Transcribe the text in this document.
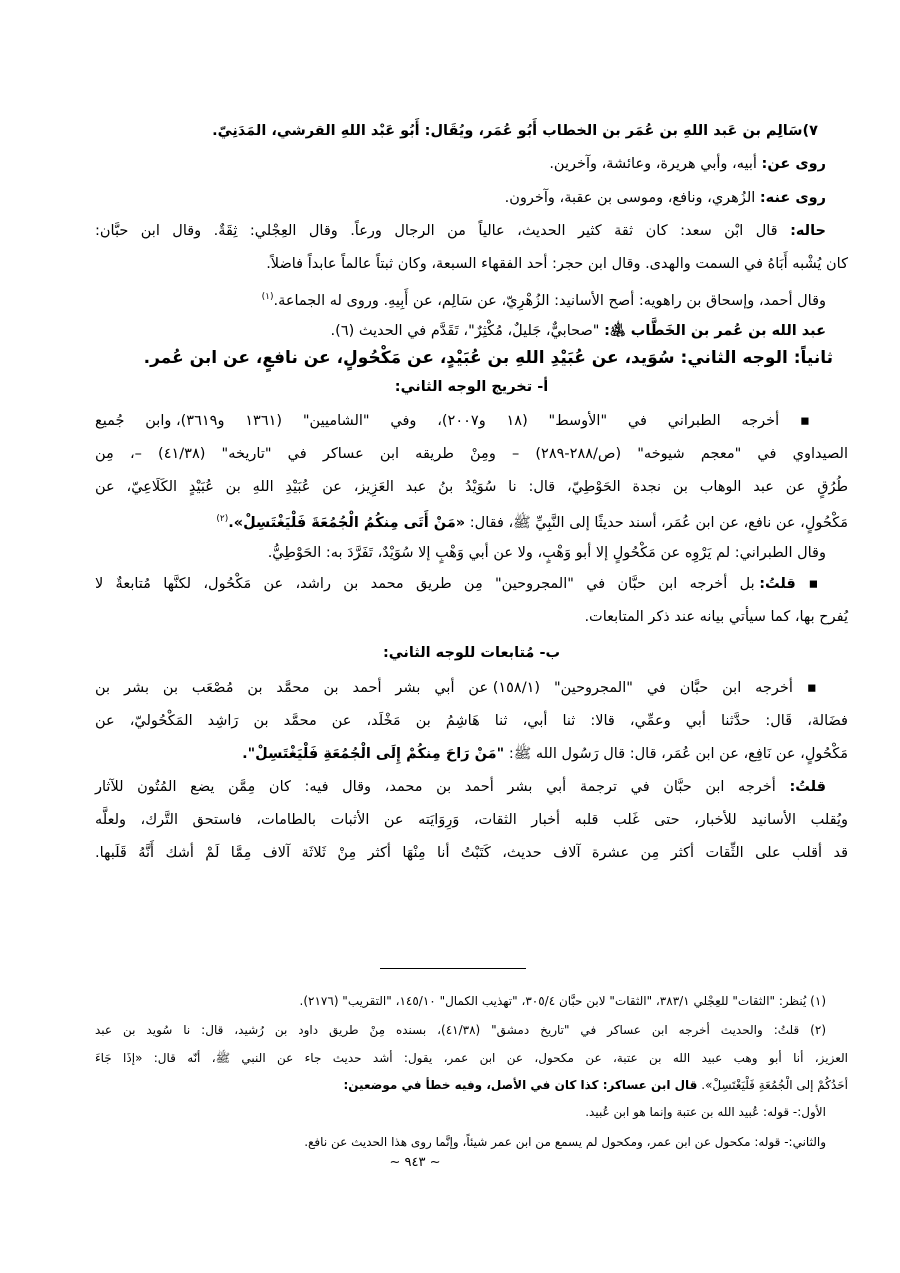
٧)سَالِم بن عَبد اللهِ بن عُمَر بن الخطاب أَبُو عُمَر، ويُقَال: أَبُو عَبْد اللهِ القرشي، المَدَنِيّ.
روى عن: أبيه، وأبي هريرة، وعائشة، وآخرين.
روى عنه: الزُهري، ونافع، وموسى بن عقبة، وآخرون.
حاله: قال ابْن سعد: كان ثقة كثير الحديث، عالياً من الرجال ورعاً. وقال العِجْلي: ثِقَةٌ. وقال ابن حبَّان:
كان يُشْبه أَبَاهُ في السمت والهدى. وقال ابن حجر: أحد الفقهاء السبعة، وكان ثبتاً عالماً عابداً فاضلاً.
وقال أحمد، وإسحاق بن راهويه: أصح الأسانيد: الزُهْرِيّ، عن سَالِم، عن أَبِيهِ. وروى له الجماعة.$^{(١)}$
عبد الله بن عُمر بن الخَطَّاب ﵁: "صحابيٌّ، جَليلٌ، مُكْثِرٌ"، تَقَدَّم في الحديث (٦).
ثانياً: الوجه الثاني: سُوَيد، عن عُبَيْدِ اللهِ بن عُبَيْدٍ، عن مَكْحُولٍ، عن نافعٍ، عن ابن عُمر.
أ- تخريج الوجه الثاني:
▪ أخرجه الطبراني في "الأوسط" (١٨ و٢٠٠٧)، وفي "الشاميين" (١٣٦١ و٣٦١٩)، وابن جُميع
الصيداوي في "معجم شيوخه" (ص/٢٨٨-٢٨٩) – ومِنْ طريقه ابن عساكر في "تاريخه" (٤١/٣٨) –، مِن
طُرُقٍ عن عبد الوهاب بن نجدة الحَوْطِيّ، قال: نا سُوَيْدُ بنُ عبد العَزِيز، عن عُبَيْدِ اللهِ بن عُبَيْدٍ الكَلَاعِيّ، عن
مَكْحُولٍ، عن نافع، عن ابن عُمَر، أسند حديثًا إلى النَّبِيِّ ﷺ، فقال: «مَنْ أَتَى مِنكُمُ الْجُمُعَةَ فَلْيَغْتَسِلْ».$^{(٢)}$
وقال الطبراني: لم يَرْوِه عن مَكْحُولٍ إلا أبو وَهْبٍ، ولا عن أبي وَهْبٍ إلا سُوَيْدٌ، تَفَرَّدَ به: الحَوْطِيُّ.
▪ قلتُ: بل أخرجه ابن حبَّان في "المجروحين" مِن طريق محمد بن راشد، عن مَكْحُول، لكنَّها مُتابعةٌ لا
يُفرح بها، كما سيأتي بيانه عند ذكر المتابعات.
ب- مُتابعات للوجه الثاني:
▪ أخرجه ابن حبَّان في "المجروحين" (١٥٨/١) عن أبي بشر أحمد بن محمَّد بن مُصْعَب بن بشر بن
فضَالة، قَال: حدَّثنا أبي وعمِّي، قالا: ثنا أبي، ثنا هَاشِمُ بن مَخْلَد، عن محمَّد بن رَاشِد المَكْحُوليّ، عن
مَكْحُولٍ، عن نَافِع، عن ابن عُمَر، قال: قال رَسُول الله ﷺ: "مَنْ رَاحَ مِنكُمْ إِلَى الْجُمُعَةِ فَلْيَغْتَسِلْ".
قلتُ: أخرجه ابن حبَّان في ترجمة أبي بشر أحمد بن محمد، وقال فيه: كان مِمَّن يضع المُتُون للآثار
ويُقلب الأسانيد للأخبار، حتى غَلب قلبه أخبار الثقات، وَرِوَايَته عن الأثبات بالطامات، فاستحق التَّرك، ولعلَّه
قد أقلب على الثِّقات أكثر مِن عشرة آلاف حديث، كَتَبْتُ أنا مِنْهَا أكثر مِنْ ثَلاثَة آلاف مِمَّا لَمْ أشك أَنَّهُ قَلَبها.
(١) يُنظر: "الثقات" للعِجْلي ٣٨٣/١، "الثقات" لابن حبَّان ٣٠٥/٤، "تهذيب الكمال" ١٤٥/١٠، "التقريب" (٢١٧٦).
(٢) قلتُ: والحديث أخرجه ابن عساكر في "تاريخ دمشق" (٤١/٣٨)، بسنده مِنْ طريق داود بن رُشيد، قال: نا سُويد بن عبد
العزيز، أنا أبو وهب عبيد الله بن عتبة، عن مكحول، عن ابن عمر، يقول: أشد حديث جاء عن النبي ﷺ، أنّه قال: «إذَا جَاءَ
أحَدُكُمْ إلى الْجُمُعَةِ فَلْيَغْتَسِلْ». قال ابن عساكر: كذا كان في الأصل، وفيه خطأ في موضعين:
الأول:- قوله: عُبيد الله بن عتبة وإنما هو ابن عُبيد.
والثاني:- قوله: مكحول عن ابن عمر، ومكحول لم يسمع من ابن عمر شيئاً، وإنَّما روى هذا الحديث عن نافع.
~ ٩٤٣ ~
